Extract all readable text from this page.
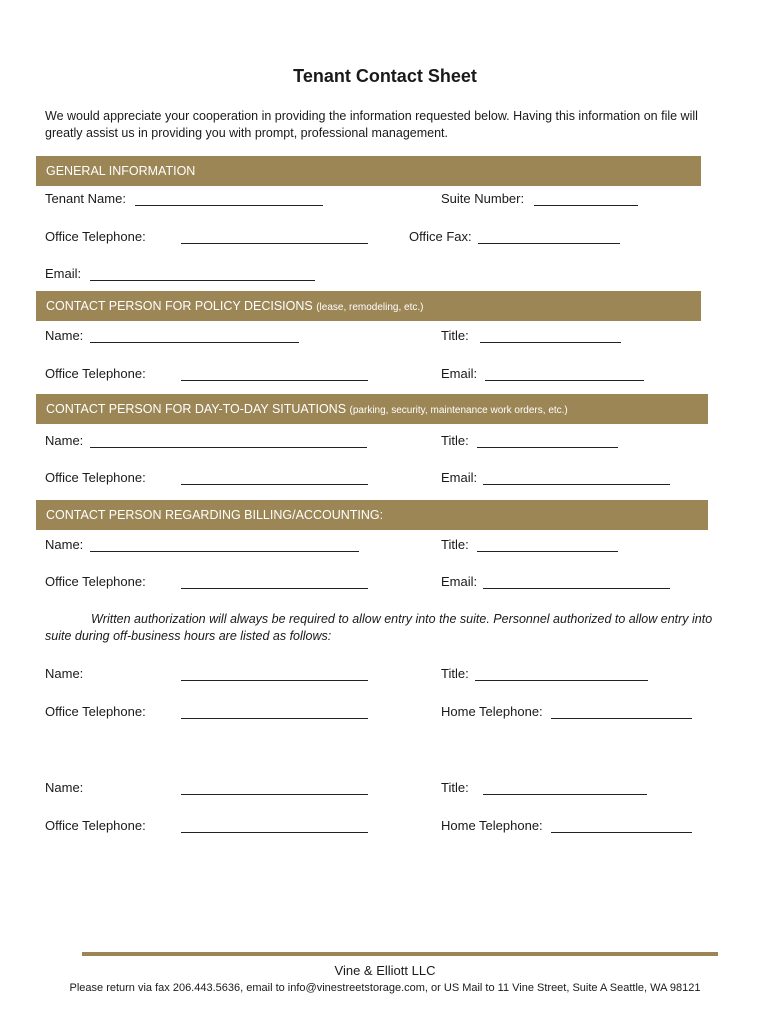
Tenant Contact Sheet
We would appreciate your cooperation in providing the information requested below. Having this information on file will greatly assist us in providing you with prompt, professional management.
GENERAL INFORMATION
Tenant Name:	Suite Number:
Office Telephone:	Office Fax:
Email:
CONTACT PERSON FOR POLICY DECISIONS (lease, remodeling, etc.)
Name:	Title:
Office Telephone:	Email:
CONTACT PERSON FOR DAY-TO-DAY SITUATIONS (parking, security, maintenance work orders, etc.)
Name:	Title:
Office Telephone:	Email:
CONTACT PERSON REGARDING BILLING/ACCOUNTING:
Name:	Title:
Office Telephone:	Email:
Written authorization will always be required to allow entry into the suite. Personnel authorized to allow entry into suite during off-business hours are listed as follows:
Name:	Title:
Office Telephone:	Home Telephone:
Name:	Title:
Office Telephone:	Home Telephone:
Vine & Elliott LLC
Please return via fax 206.443.5636, email to info@vinestreetstorage.com, or US Mail to 11 Vine Street, Suite A Seattle, WA 98121
